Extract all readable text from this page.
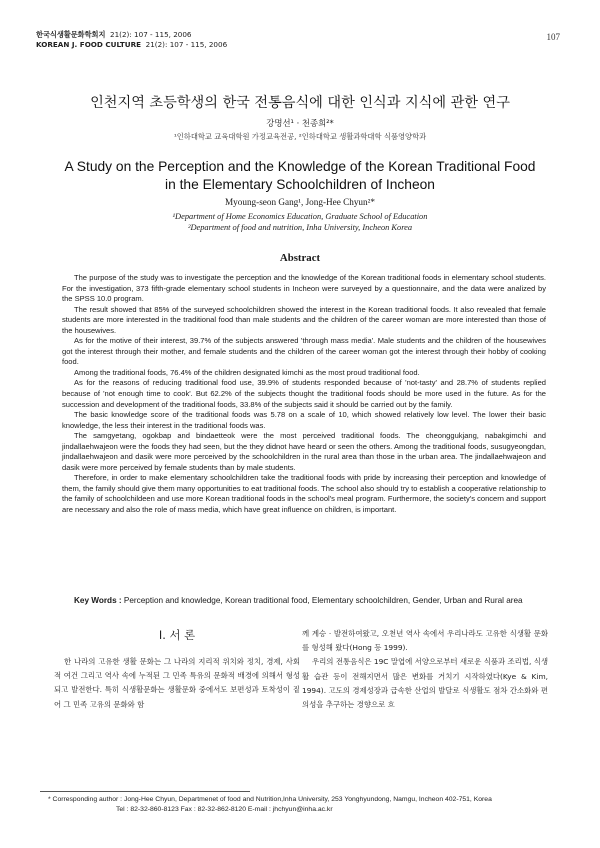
한국식생활문화학회지 21(2): 107 - 115, 2006
KOREAN J. FOOD CULTURE 21(2): 107 - 115, 2006
107
인천지역 초등학생의 한국 전통음식에 대한 인식과 지식에 관한 연구
강명선¹ · 천종희²*
¹인하대학교 교육대학원 가정교육전공, ²인하대학교 생활과학대학 식품영양학과
A Study on the Perception and the Knowledge of the Korean Traditional Food
in the Elementary Schoolchildren of Incheon
Myoung-seon Gang¹, Jong-Hee Chyun²*
¹Department of Home Economics Education, Graduate School of Education
²Department of food and nutrition, Inha University, Incheon Korea
Abstract

The purpose of the study was to investigate the perception and the knowledge of the Korean traditional foods in elementary school students. For the investigation, 373 fifth-grade elementary school students in Incheon were surveyed by a questionnaire, and the data were analized by the SPSS 10.0 program.

The result showed that 85% of the surveyed schoolchildren showed the interest in the Korean traditional foods. It also revealed that female students are more interested in the traditional food than male students and the children of the career woman are more interested than those of the housewives.

As for the motive of their interest, 39.7% of the subjects answered 'through mass media'. Male students and the children of the housewives got the interest through their mother, and female students and the children of the career woman got the interest through their hobby of cooking food.

Among the traditional foods, 76.4% of the children designated kimchi as the most proud traditional food.

As for the reasons of reducing traditional food use, 39.9% of students responded because of 'not-tasty' and 28.7% of students replied because of 'not enough time to cook'. But 62.2% of the subjects thought the traditional foods should be more used in the future. As for the succession and development of the traditional foods, 33.8% of the subjects said it should be carried out by the family.

The basic knowledge score of the traditional foods was 5.78 on a scale of 10, which showed relatively low level. The lower their basic knowledge, the less their interest in the traditional foods was.

The samgyetang, ogokbap and bindaetteok were the most perceived traditional foods. The cheonggukjang, nabakgimchi and jindallaehwajeon were the foods they had seen, but the they didnot have heard or seen the others. Among the traditional foods, susugyeongdan, jindallaehwajeon and dasik were more perceived by the schoolchildren in the rural area than those in the urban area. The jindallaehwajeon and dasik were more perceived by female students than by male students.

Therefore, in order to make elementary schoolchildren take the traditional foods with pride by increasing their perception and knowledge of them, the family should give them many opportunities to eat traditional foods. The school also should try to establish a cooperative relationship to the family of schoolchildeen and use more Korean traditional foods in the school's meal program. Furthermore, the society's concern and support are necessary and also the role of mass media, which have great influence on children, is important.

Key Words : Perception and knowledge, Korean traditional food, Elementary schoolchildren, Gender, Urban and Rural area
I. 서 론

한 나라의 고유한 생활 문화는 그 나라의 지리적 위치와 정치, 경제, 사회적 여건 그리고 역사 속에 누적된 그 민족 특유의 문화적 배경에 의해서 형성되고 발전한다. 특히 식생활문화는 생활문화 중에서도 보편성과 토착성이 짙어 그 민족 고유의 문화와 함

께 계승 · 발전하여왔고, 오천년 역사 속에서 우리나라도 고유한 식생활 문화를 형성해 왔다(Hong 등 1999).

우리의 전통음식은 19C 말엽에 서양으로부터 새로운 식품과 조리법, 식생활 습관 등이 전해지면서 많은 변화를 거치기 시작하였다(Kye & Kim, 1994). 고도의 경제성장과 급속한 산업의 발달로 식생활도 점차 간소화와 편의성을 추구하는 경향으로 흐

* Corresponding author : Jong-Hee Chyun, Departmenet of food and Nutrition,Inha University, 253 Yonghyundong, Namgu, Incheon 402-751, Korea
Tel : 82-32-860-8123 Fax : 82-32-862-8120 E-mail : jhchyun@inha.ac.kr
